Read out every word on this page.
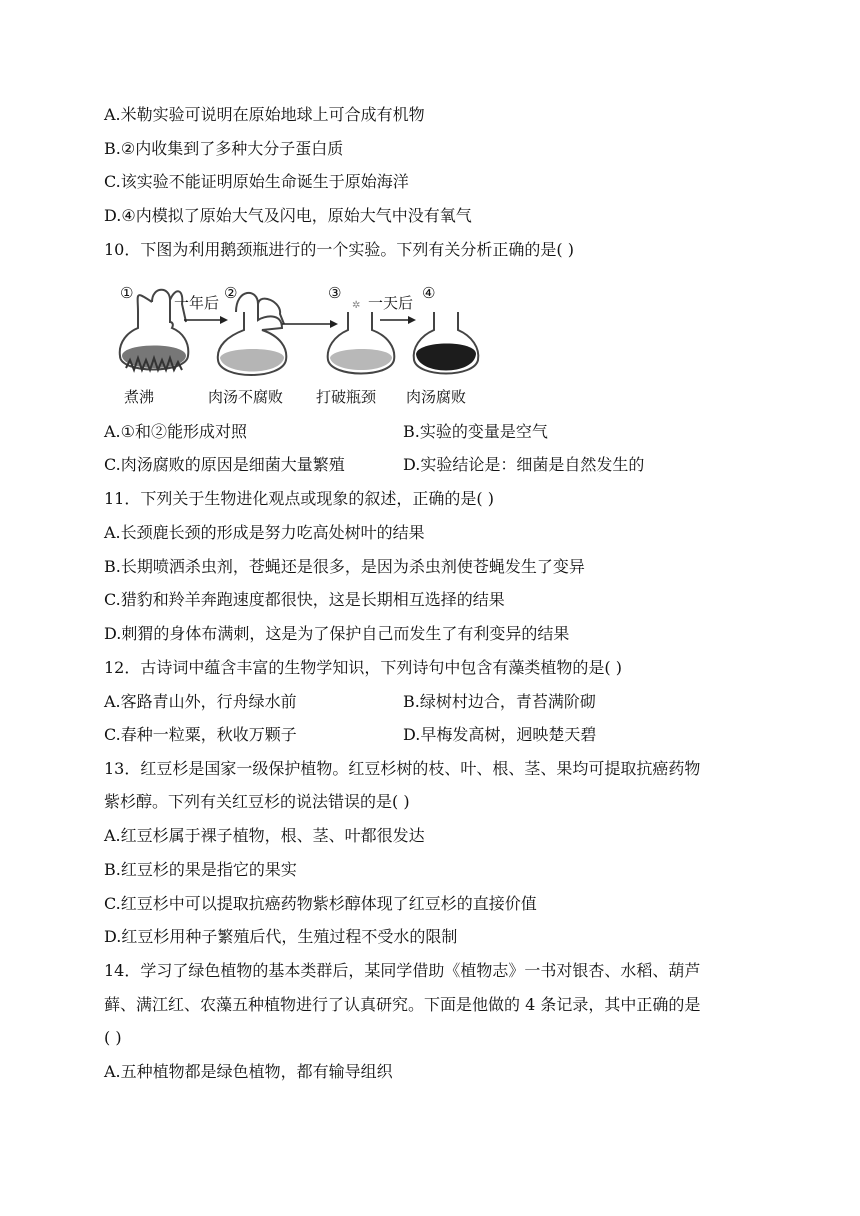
A.米勒实验可说明在原始地球上可合成有机物
B.②内收集到了多种大分子蛋白质
C.该实验不能证明原始生命诞生于原始海洋
D.④内模拟了原始大气及闪电，原始大气中没有氧气
10．下图为利用鹅颈瓶进行的一个实验。下列有关分析正确的是( )
✲
①	②	③	④
一年后	一天后
煮沸	肉汤不腐败 打破瓶颈 肉汤腐败
A.①和②能形成对照	B.实验的变量是空气
C.肉汤腐败的原因是细菌大量繁殖	D.实验结论是：细菌是自然发生的
11．下列关于生物进化观点或现象的叙述，正确的是( )
A.长颈鹿长颈的形成是努力吃高处树叶的结果
B.长期喷洒杀虫剂，苍蝇还是很多，是因为杀虫剂使苍蝇发生了变异
C.猎豹和羚羊奔跑速度都很快，这是长期相互选择的结果
D.刺猬的身体布满刺，这是为了保护自己而发生了有利变异的结果
12．古诗词中蕴含丰富的生物学知识，下列诗句中包含有藻类植物的是( )
A.客路青山外，行舟绿水前	B.绿树村边合，青苔满阶砌
C.春种一粒粟，秋收万颗子	D.早梅发高树，迥映楚天碧
13．红豆杉是国家一级保护植物。红豆杉树的枝、叶、根、茎、果均可提取抗癌药物
紫杉醇。下列有关红豆杉的说法错误的是( )
A.红豆杉属于裸子植物，根、茎、叶都很发达
B.红豆杉的果是指它的果实
C.红豆杉中可以提取抗癌药物紫杉醇体现了红豆杉的直接价值
D.红豆杉用种子繁殖后代，生殖过程不受水的限制
14．学习了绿色植物的基本类群后，某同学借助《植物志》一书对银杏、水稻、葫芦
藓、满江红、农藻五种植物进行了认真研究。下面是他做的 4 条记录，其中正确的是
( )
A.五种植物都是绿色植物，都有输导组织
